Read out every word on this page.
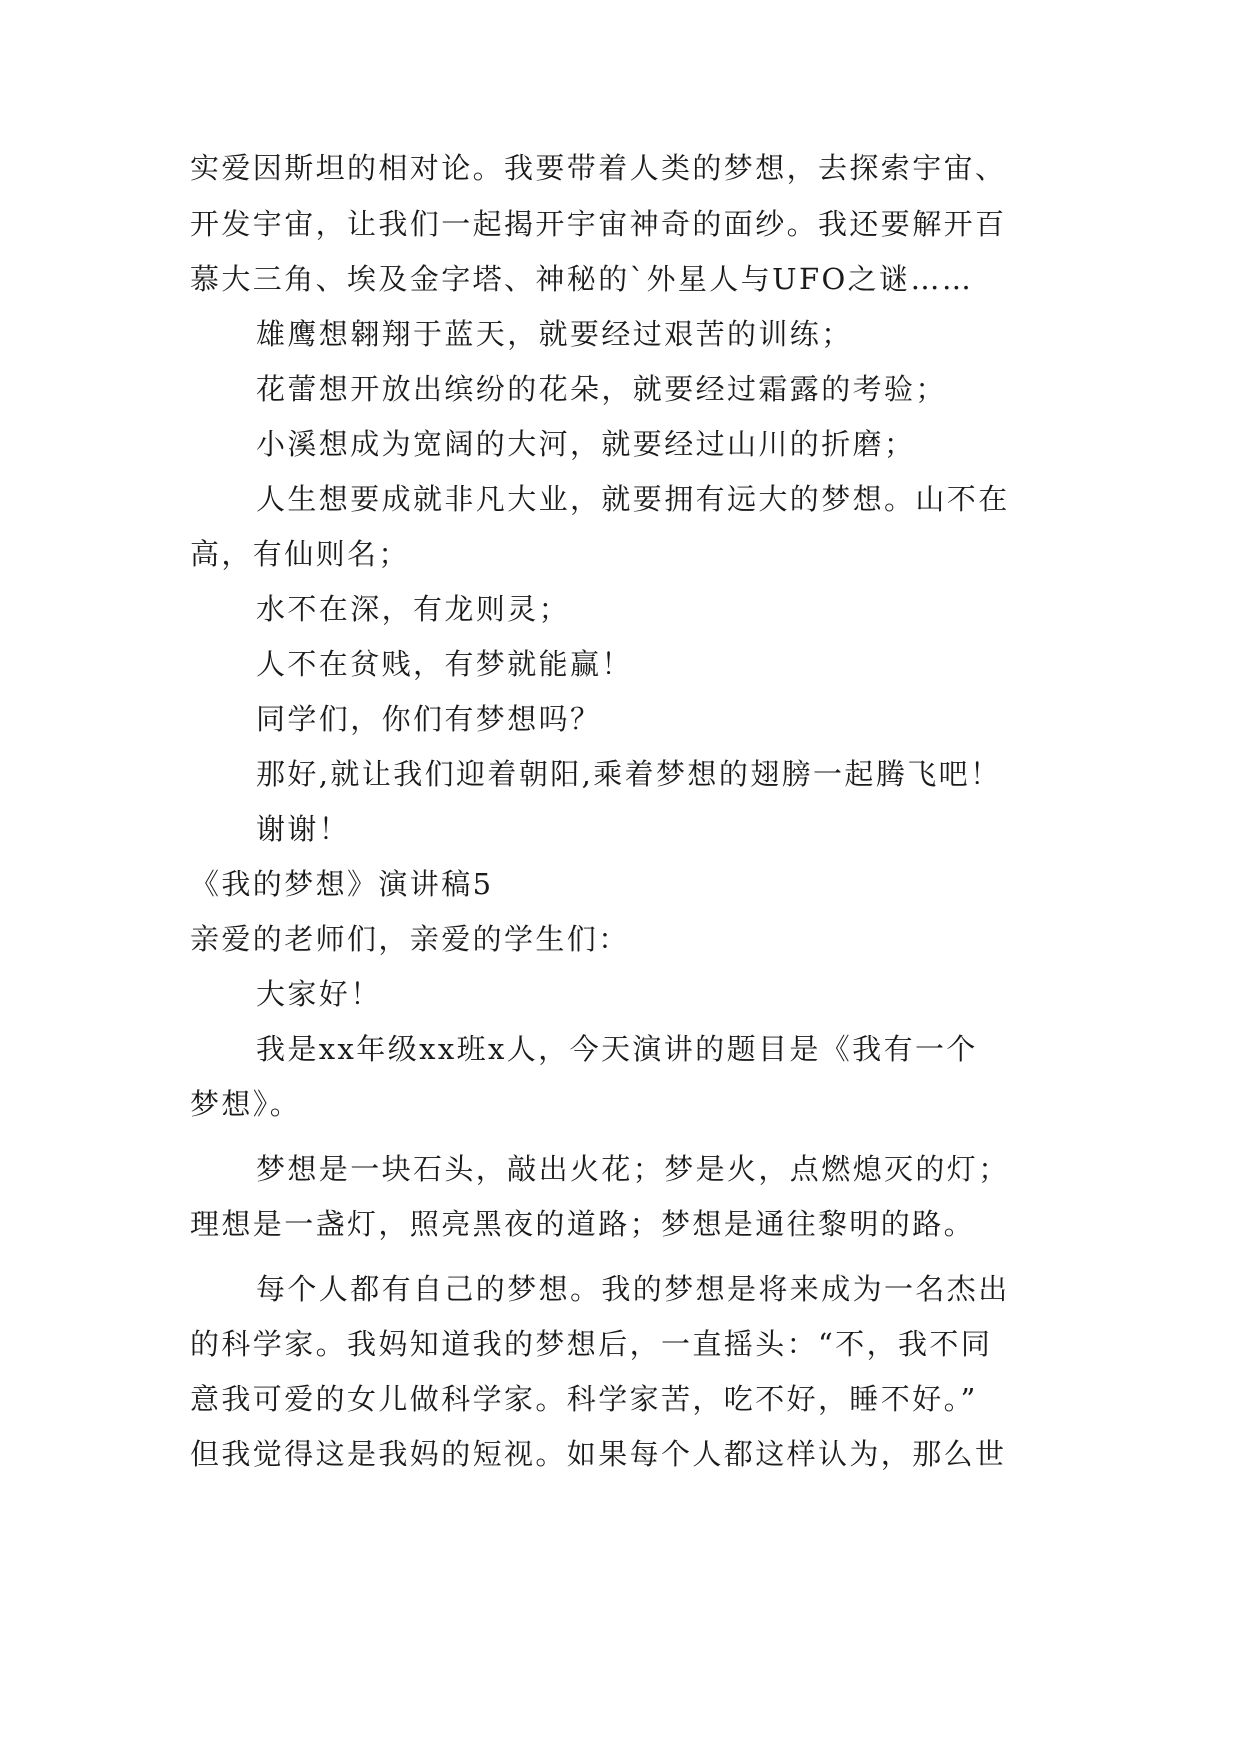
实爱因斯坦的相对论。我要带着人类的梦想，去探索宇宙、
开发宇宙，让我们一起揭开宇宙神奇的面纱。我还要解开百
慕大三角、埃及金字塔、神秘的`外星人与UFO之谜……
雄鹰想翱翔于蓝天，就要经过艰苦的训练；
花蕾想开放出缤纷的花朵，就要经过霜露的考验；
小溪想成为宽阔的大河，就要经过山川的折磨；
人生想要成就非凡大业，就要拥有远大的梦想。山不在
高，有仙则名；
水不在深，有龙则灵；
人不在贫贱，有梦就能赢！
同学们，你们有梦想吗？
那好,就让我们迎着朝阳,乘着梦想的翅膀一起腾飞吧！
谢谢！
《我的梦想》演讲稿5
亲爱的老师们，亲爱的学生们：
大家好！
我是xx年级xx班x人，今天演讲的题目是《我有一个
梦想》。
梦想是一块石头，敲出火花；梦是火，点燃熄灭的灯；
理想是一盏灯，照亮黑夜的道路；梦想是通往黎明的路。
每个人都有自己的梦想。我的梦想是将来成为一名杰出
的科学家。我妈知道我的梦想后，一直摇头：“不，我不同
意我可爱的女儿做科学家。科学家苦，吃不好，睡不好。”
但我觉得这是我妈的短视。如果每个人都这样认为，那么世
